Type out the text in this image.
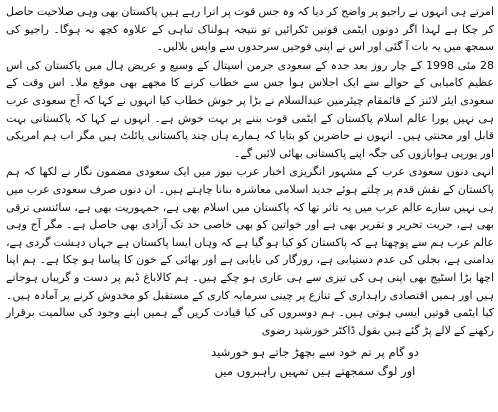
امرتے ہی انہوں نے راجیو پر واضح کر دیا کہ وہ جس قوت پر اترا رہے ہیں پاکستان بھی وہی صلاحیت حاصل کر چکا ہے لہذا اگر دونوں ایٹمی قوتیں ٹکرائیں تو نتیجہ ہولناک تباہی کے علاوہ کچھ نہ ہوگا۔ راجیو کی سمجھ میں یہ بات آ گئی اور اس نے اپنی فوجیں سرحدوں سے واپس بلالیں۔

28 مئی 1998 کے چار روز بعد جدہ کے سعودی جرمن اسپتال کے وسیع و عریض ہال میں پاکستان کی اس عظیم کامیابی کے حوالے سے ایک اجلاس ہوا جس سے خطاب کرنے کا مجھے بھی موقع ملا۔ اس وقت کے سعودی ایئر لائنز کے قائمقام چیئرمین عبدالسلام نے بڑا پر جوش خطاب کیا انہوں نے کہا کہ آج سعودی عرب ہی نہیں پورا عالم اسلام پاکستان کے ایٹمی قوت بننے پر بہت خوش ہے۔ انہوں نے کہا کہ پاکستانی بہت قابل اور محنتی ہیں۔ انہوں نے حاضرین کو بتایا کہ ہمارے ہاں چند پاکستانی پائلٹ ہیں مگر اب ہم امریکی اور یورپی ہوابازوں کی جگہ اپنے پاکستانی بھائی لائیں گے۔

انہی دنوں سعودی عرب کے مشہور انگریزی اخبار عرب نیوز میں ایک سعودی مضمون نگار نے لکھا کہ ہم پاکستان کے نقش قدم پر چلتے ہوئے جدید اسلامی معاشرہ بنانا چاہتے ہیں۔ ان دنوں صرف سعودی عرب میں ہی نہیں سارے عالم عرب میں یہ تاثر تھا کہ پاکستان میں اسلام بھی ہے، جمہوریت بھی ہے، سائنسی ترقی بھی ہے، حریت تحریر و تقریر بھی ہے اور خواتین کو بھی خاصی حد تک آزادی بھی حاصل ہے۔ مگر آج وہی عالم عرب ہم سے پوچھتا ہے کہ پاکستان کو کیا ہو گیا ہے کہ وہاں ایسا پاکستان ہے جہاں دہشت گردی ہے، بدامنی ہے، بجلی کی عدم دستیابی ہے، روزگار کی نایابی ہے اور بھائی کے خون کا پیاسا ہو چکا ہے۔ ہم اپنا اچھا بڑا اسٹیج بھی اپنی ہی کی تیزی سے ہی عاری ہو چکے ہیں۔ ہم کالاباغ ڈیم پر دست و گریباں ہوجاتے ہیں اور ہمیں اقتصادی راہداری کے تنازع پر چینی سرمایہ کاری کے مستقبل کو مخدوش کرنے پر آمادہ ہیں۔ کیا ایٹمی قوتیں ایسی ہوتی ہیں۔ ہم دوسروں کی کیا قیادت کریں گے ہمیں اپنے وجود کی سالمیت برقرار رکھنے کے لالے پڑ گئے ہیں بقول ڈاکٹر خورشید رضوی

دو گام پر تم خود سے بچھڑ جاتے ہو خورشید
اور لوگ سمجھتے ہیں تمہیں راہبروں میں
